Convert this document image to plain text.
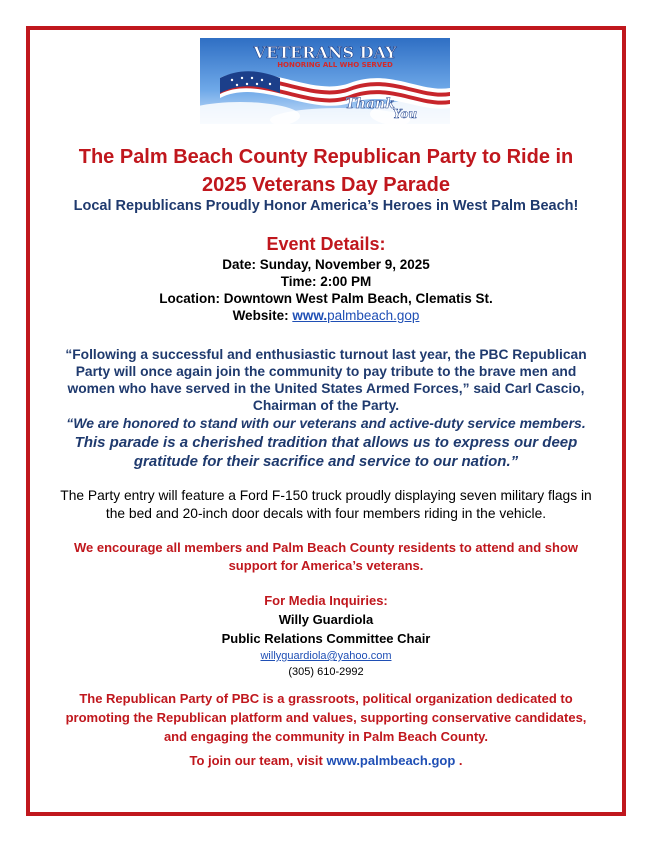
VETERANS DAY
HONORING ALL WHO SERVED
Thank
You
The Palm Beach County Republican Party to Ride in
2025 Veterans Day Parade
Local Republicans Proudly Honor America’s Heroes in West Palm Beach!
Event Details:
Date: Sunday, November 9, 2025
Time: 2:00 PM
Location: Downtown West Palm Beach, Clematis St.
Website: www.palmbeach.gop
“Following a successful and enthusiastic turnout last year, the PBC Republican
Party will once again join the community to pay tribute to the brave men and
women who have served in the United States Armed Forces,” said Carl Cascio,
Chairman of the Party.
“We are honored to stand with our veterans and active-duty service members.
This parade is a cherished tradition that allows us to express our deep
gratitude for their sacrifice and service to our nation.”
The Party entry will feature a Ford F-150 truck proudly displaying seven military flags in
the bed and 20-inch door decals with four members riding in the vehicle.
We encourage all members and Palm Beach County residents to attend and show
support for America’s veterans.
For Media Inquiries:
Willy Guardiola
Public Relations Committee Chair
willyguardiola@yahoo.com
(305) 610-2992
The Republican Party of PBC is a grassroots, political organization dedicated to
promoting the Republican platform and values, supporting conservative candidates,
and engaging the community in Palm Beach County.
To join our team, visit www.palmbeach.gop .
